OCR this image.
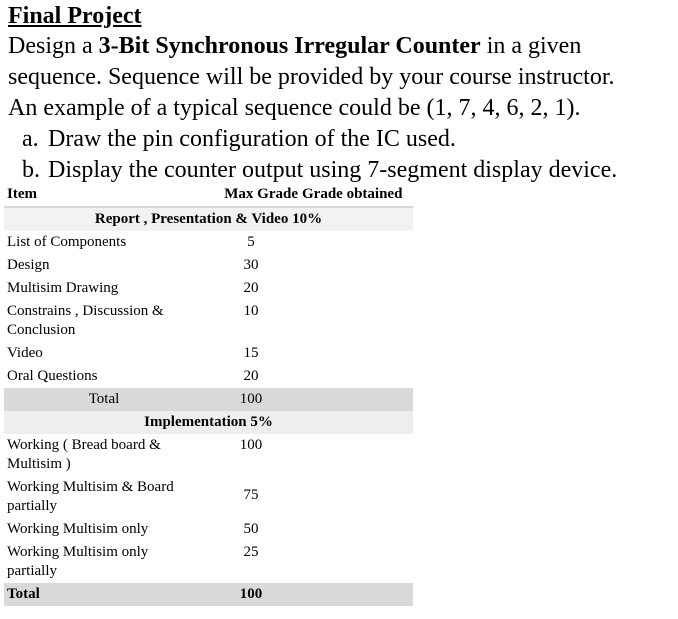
Final Project
Design a 3-Bit Synchronous Irregular Counter in a given
sequence. Sequence will be provided by your course instructor.
An example of a typical sequence could be (1, 7, 4, 6, 2, 1).
a. Draw the pin configuration of the IC used.
b. Display the counter output using 7-segment display device.
Item	Max Grade	Grade obtained
Report , Presentation & Video 10%		
List of Components	5	
Design	30	
Multisim Drawing	20	
Constrains , Discussion & Conclusion	10	
Video	15	
Oral Questions	20	
Total	100	
Implementation 5%		
Working ( Bread board & Multisim )	100	
Working Multisim & Board partially	75	
Working Multisim only	50	
Working Multisim only partially	25	
Total	100	
